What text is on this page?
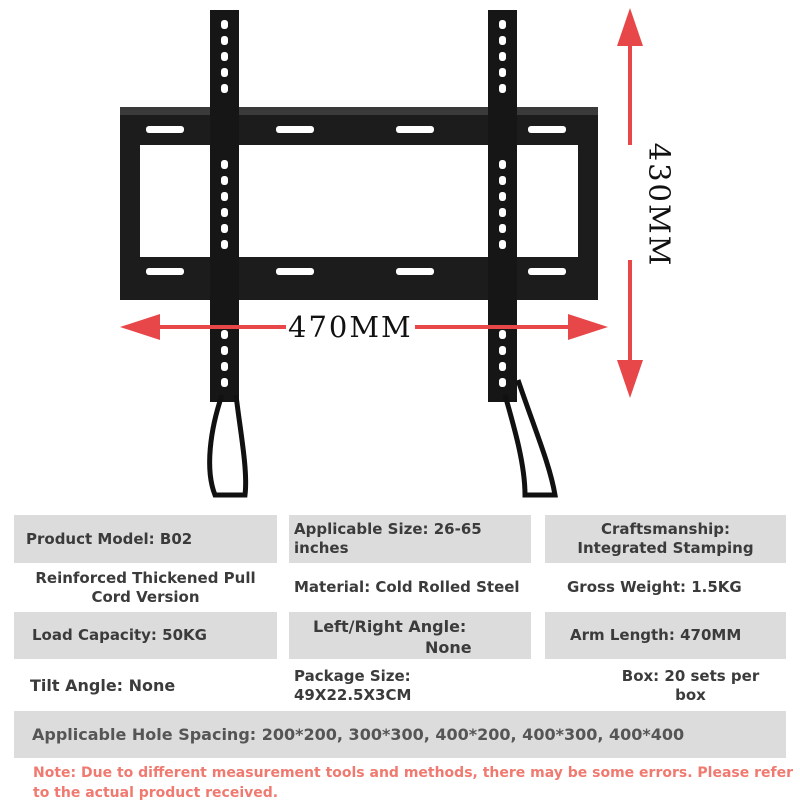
470MM
430MM
Product Model: B02
Applicable Size: 26-65 inches
Craftsmanship: Integrated Stamping
Reinforced Thickened Pull Cord Version
Material: Cold Rolled Steel	Gross Weight: 1.5KG
Load Capacity: 50KG	Left/Right Angle:
None
Arm Length: 470MM
Tilt Angle: None
Package Size: 49X22.5X3CM
Box: 20 sets per box
Applicable Hole Spacing: 200*200, 300*300, 400*200, 400*300, 400*400
Note: Due to different measurement tools and methods, there may be some errors. Please refer to the actual product received.
